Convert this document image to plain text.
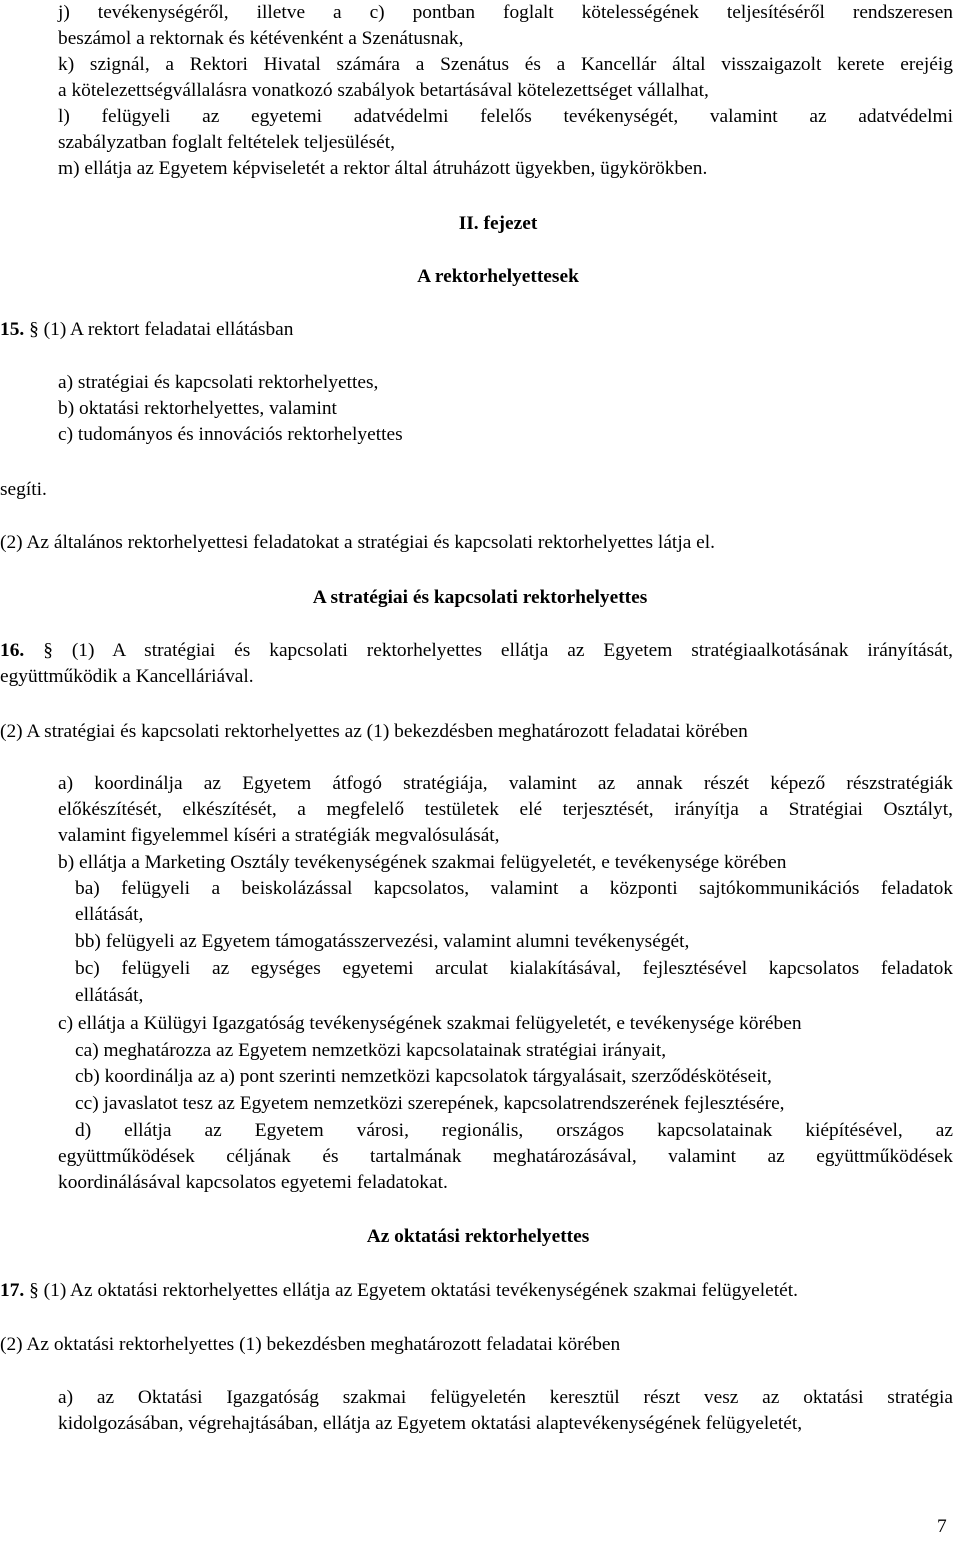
j) tevékenységéről, illetve a c) pontban foglalt kötelességének teljesítéséről rendszeresen
beszámol a rektornak és kétévenként a Szenátusnak,
k) szignál, a Rektori Hivatal számára a Szenátus és a Kancellár által visszaigazolt kerete erejéig
a kötelezettségvállalásra vonatkozó szabályok betartásával kötelezettséget vállalhat,
l) felügyeli az egyetemi adatvédelmi felelős tevékenységét, valamint az adatvédelmi
szabályzatban foglalt feltételek teljesülését,
m) ellátja az Egyetem képviseletét a rektor által átruházott ügyekben, ügykörökben.
II. fejezet
A rektorhelyettesek
15. § (1) A rektort feladatai ellátásban
a) stratégiai és kapcsolati rektorhelyettes,
b) oktatási rektorhelyettes, valamint
c) tudományos és innovációs rektorhelyettes
segíti.
(2) Az általános rektorhelyettesi feladatokat a stratégiai és kapcsolati rektorhelyettes látja el.
A stratégiai és kapcsolati rektorhelyettes
16. § (1) A stratégiai és kapcsolati rektorhelyettes ellátja az Egyetem stratégiaalkotásának irányítását,
együttműködik a Kancelláriával.
(2) A stratégiai és kapcsolati rektorhelyettes az (1) bekezdésben meghatározott feladatai körében
a) koordinálja az Egyetem átfogó stratégiája, valamint az annak részét képező részstratégiák
előkészítését, elkészítését, a megfelelő testületek elé terjesztését, irányítja a Stratégiai Osztályt,
valamint figyelemmel kíséri a stratégiák megvalósulását,
b) ellátja a Marketing Osztály tevékenységének szakmai felügyeletét, e tevékenysége körében
ba) felügyeli a beiskolázással kapcsolatos, valamint a központi sajtókommunikációs feladatok
ellátását,
bb) felügyeli az Egyetem támogatásszervezési, valamint alumni tevékenységét,
bc) felügyeli az egységes egyetemi arculat kialakításával, fejlesztésével kapcsolatos feladatok
ellátását,
c) ellátja a Külügyi Igazgatóság tevékenységének szakmai felügyeletét, e tevékenysége körében
ca) meghatározza az Egyetem nemzetközi kapcsolatainak stratégiai irányait,
cb) koordinálja az a) pont szerinti nemzetközi kapcsolatok tárgyalásait, szerződéskötéseit,
cc) javaslatot tesz az Egyetem nemzetközi szerepének, kapcsolatrendszerének fejlesztésére,
d) ellátja az Egyetem városi, regionális, országos kapcsolatainak kiépítésével, az
együttműködések céljának és tartalmának meghatározásával, valamint az együttműködések
koordinálásával kapcsolatos egyetemi feladatokat.
Az oktatási rektorhelyettes
17. § (1) Az oktatási rektorhelyettes ellátja az Egyetem oktatási tevékenységének szakmai felügyeletét.
(2) Az oktatási rektorhelyettes (1) bekezdésben meghatározott feladatai körében
a) az Oktatási Igazgatóság szakmai felügyeletén keresztül részt vesz az oktatási stratégia
kidolgozásában, végrehajtásában, ellátja az Egyetem oktatási alaptevékenységének felügyeletét,
7
